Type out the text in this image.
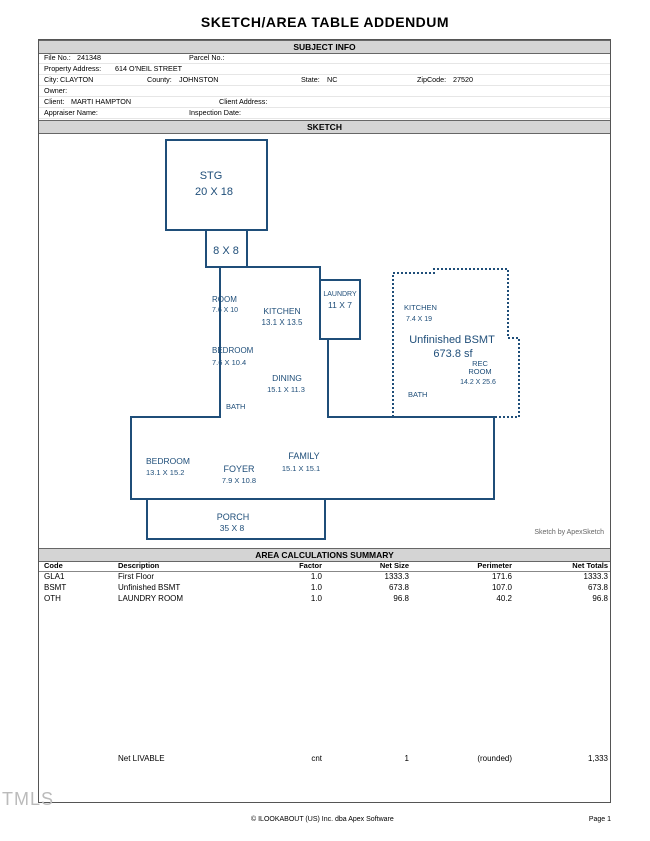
SKETCH/AREA TABLE ADDENDUM
SUBJECT INFO
File No.: 241348	Parcel No.:
Property Address: 614 O'NEIL STREET
City: CLAYTON	County: JOHNSTON	State: NC	ZipCode: 27520
Owner:
Client: MARTI HAMPTON	Client Address:
Appraiser Name:	Inspection Date:
SKETCH
STG
20 X 18
8 X 8
ROOM
7.6 X 10	KITCHEN
13.1 X 13.5
LAUNDRY
11 X 7
BEDROOM
7.6 X 10.4
DINING
15.1 X 11.3
BATH
BEDROOM
13.1 X 15.2	FOYER
7.9 X 10.8
FAMILY
15.1 X 15.1
PORCH
35 X 8
KITCHEN
7.4 X 19
Unfinished BSMT
673.8 sf
REC
ROOM
14.2 X 25.6
BATH
Sketch by ApexSketch
AREA CALCULATIONS SUMMARY
Code	Description	Factor	Net Size	Perimeter	Net Totals
GLA1	First Floor	1.0	1333.3	171.6	1333.3
BSMT	Unfinished BSMT	1.0	673.8	107.0	673.8
OTH	LAUNDRY ROOM	1.0	96.8	40.2	96.8
Net LIVABLE	cnt	1	(rounded)	1,333
TMLS
© ILOOKABOUT (US) Inc. dba Apex Software	Page 1
